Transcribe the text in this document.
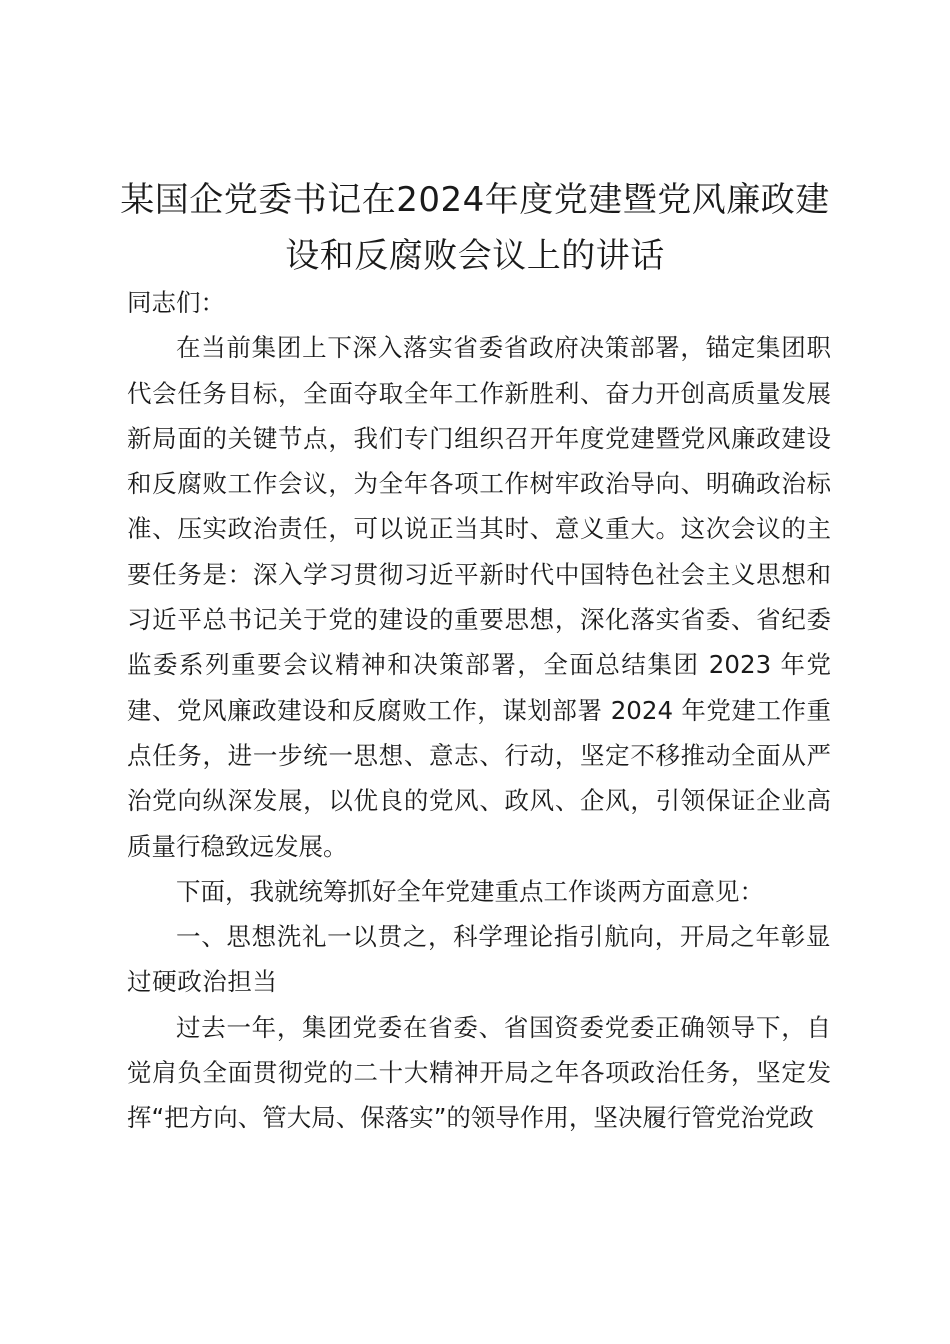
某国企党委书记在2024年度党建暨党风廉政建设和反腐败会议上的讲话

同志们：

在当前集团上下深入落实省委省政府决策部署，锚定集团职代会任务目标，全面夺取全年工作新胜利、奋力开创高质量发展新局面的关键节点，我们专门组织召开年度党建暨党风廉政建设和反腐败工作会议，为全年各项工作树牢政治导向、明确政治标准、压实政治责任，可以说正当其时、意义重大。这次会议的主要任务是：深入学习贯彻习近平新时代中国特色社会主义思想和习近平总书记关于党的建设的重要思想，深化落实省委、省纪委监委系列重要会议精神和决策部署，全面总结集团 2023 年党建、党风廉政建设和反腐败工作，谋划部署 2024 年党建工作重点任务，进一步统一思想、意志、行动，坚定不移推动全面从严治党向纵深发展，以优良的党风、政风、企风，引领保证企业高质量行稳致远发展。

下面，我就统筹抓好全年党建重点工作谈两方面意见：

一、思想洗礼一以贯之，科学理论指引航向，开局之年彰显过硬政治担当

过去一年，集团党委在省委、省国资委党委正确领导下，自觉肩负全面贯彻党的二十大精神开局之年各项政治任务，坚定发挥“把方向、管大局、保落实”的领导作用，坚决履行管党治党政
